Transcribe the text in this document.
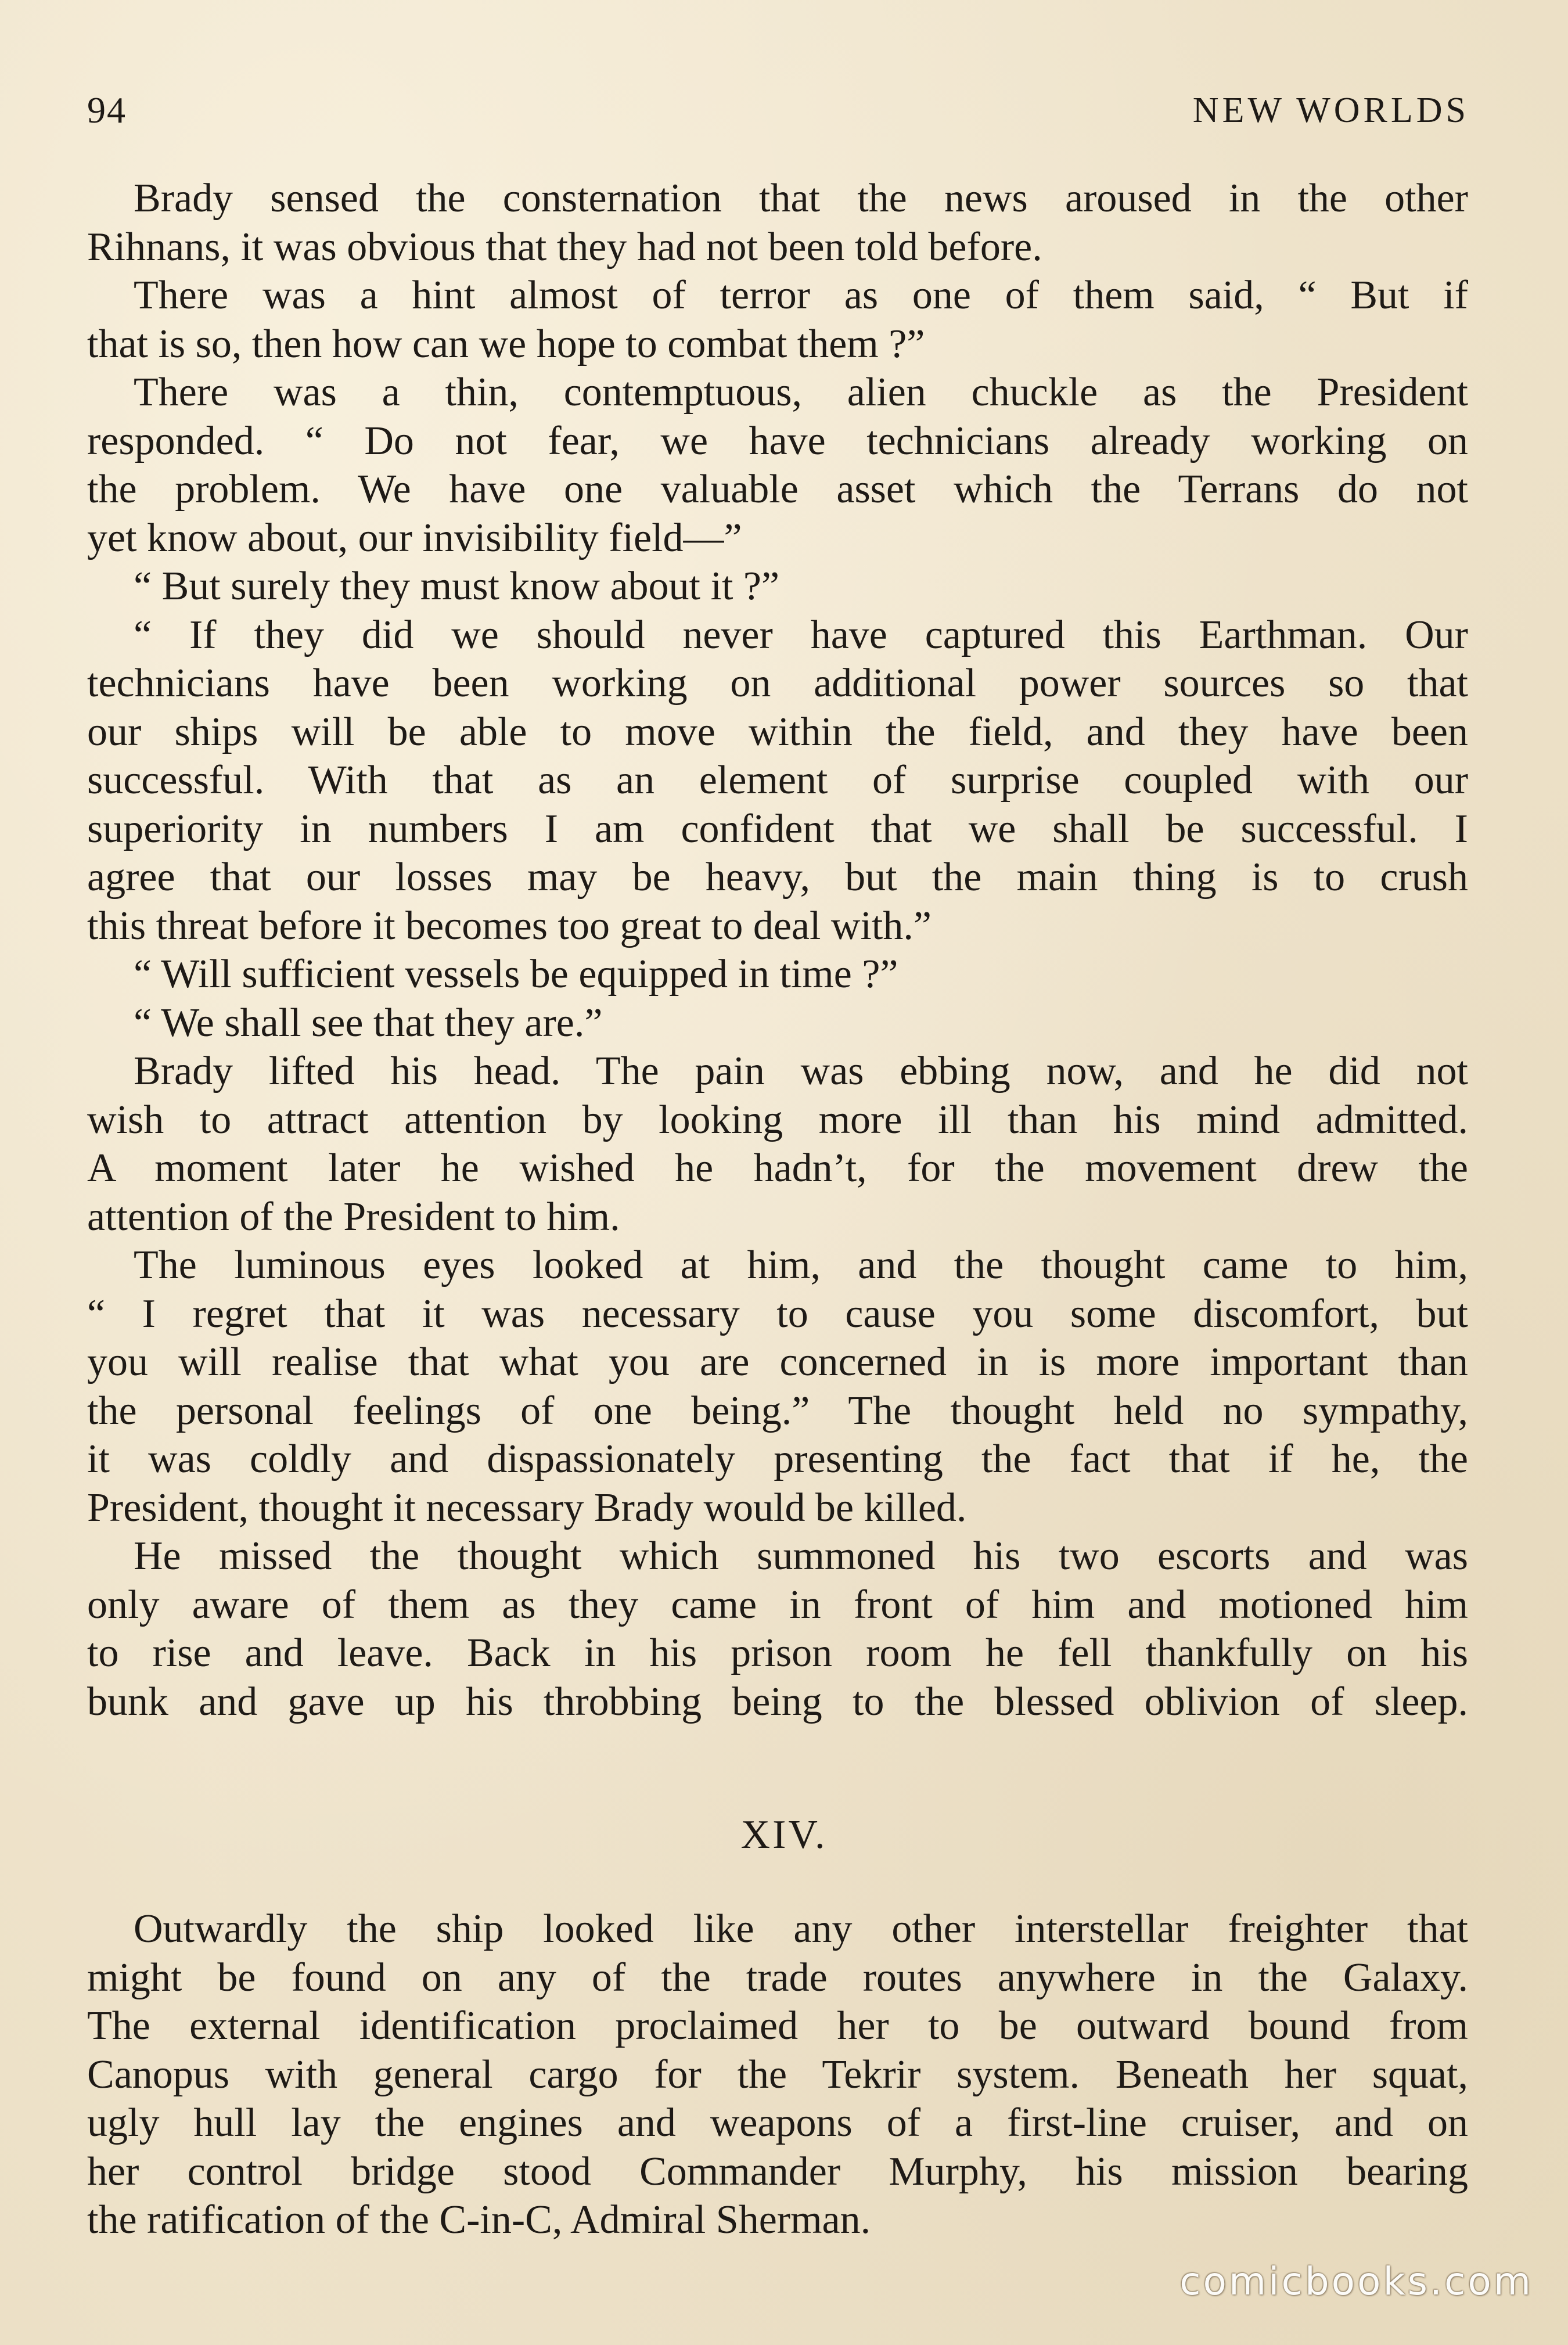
94	NEW WORLDS
Brady sensed the consternation that the news aroused in the other
Rihnans, it was obvious that they had not been told before.
There was a hint almost of terror as one of them said, “ But if
that is so, then how can we hope to combat them ?”
There was a thin, contemptuous, alien chuckle as the President
responded. “ Do not fear, we have technicians already working on
the problem. We have one valuable asset which the Terrans do not
yet know about, our invisibility field—”
“ But surely they must know about it ?”
“ If they did we should never have captured this Earthman. Our
technicians have been working on additional power sources so that
our ships will be able to move within the field, and they have been
successful. With that as an element of surprise coupled with our
superiority in numbers I am confident that we shall be successful. I
agree that our losses may be heavy, but the main thing is to crush
this threat before it becomes too great to deal with.”
“ Will sufficient vessels be equipped in time ?”
“ We shall see that they are.”
Brady lifted his head. The pain was ebbing now, and he did not
wish to attract attention by looking more ill than his mind admitted.
A moment later he wished he hadn’t, for the movement drew the
attention of the President to him.
The luminous eyes looked at him, and the thought came to him,
“ I regret that it was necessary to cause you some discomfort, but
you will realise that what you are concerned in is more important than
the personal feelings of one being.” The thought held no sympathy,
it was coldly and dispassionately presenting the fact that if he, the
President, thought it necessary Brady would be killed.
He missed the thought which summoned his two escorts and was
only aware of them as they came in front of him and motioned him
to rise and leave. Back in his prison room he fell thankfully on his
bunk and gave up his throbbing being to the blessed oblivion of sleep.
XIV.
Outwardly the ship looked like any other interstellar freighter that
might be found on any of the trade routes anywhere in the Galaxy.
The external identification proclaimed her to be outward bound from
Canopus with general cargo for the Tekrir system. Beneath her squat,
ugly hull lay the engines and weapons of a first-line cruiser, and on
her control bridge stood Commander Murphy, his mission bearing
the ratification of the C-in-C, Admiral Sherman.
comicbooks.com
